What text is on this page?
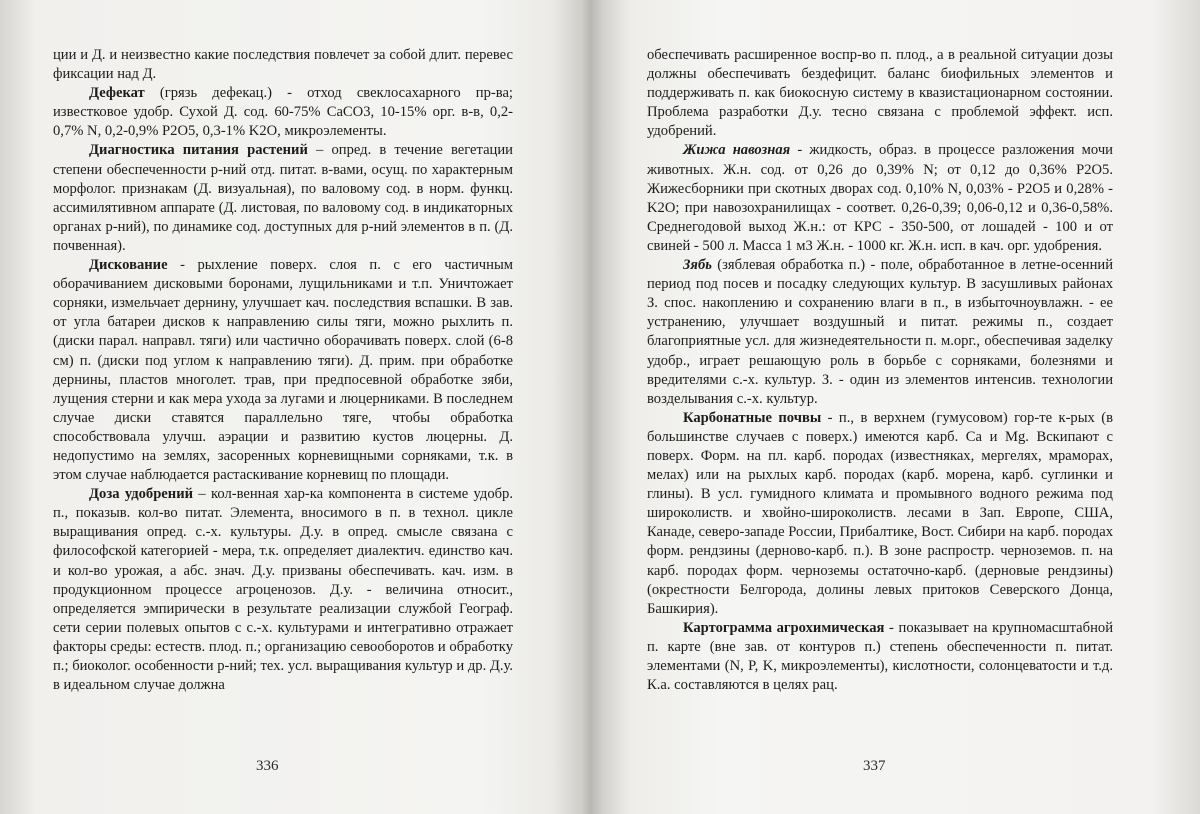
ции и Д. и неизвестно какие последствия повлечет за собой длит. перевес фиксации над Д.

Дефекат (грязь дефекац.) - отход свеклосахарного пр-ва; известковое удобр. Сухой Д. сод. 60-75% CaCO3, 10-15% орг. в-в, 0,2-0,7% N, 0,2-0,9% P2O5, 0,3-1% K2O, микроэлементы.

Диагностика питания растений – опред. в течение вегетации степени обеспеченности р-ний отд. питат. в-вами, осущ. по характерным морфолог. признакам (Д. визуальная), по валовому сод. в норм. функц. ассимилятивном аппарате (Д. листовая, по валовому сод. в индикаторных органах р-ний), по динамике сод. доступных для р-ний элементов в п. (Д. почвенная).

Дискование - рыхление поверх. слоя п. с его частичным оборачиванием дисковыми боронами, лущильниками и т.п. Уничтожает сорняки, измельчает дернину, улучшает кач. последствия вспашки. В зав. от угла батареи дисков к направлению силы тяги, можно рыхлить п. (диски парал. направл. тяги) или частично оборачивать поверх. слой (6-8 см) п. (диски под углом к направлению тяги). Д. прим. при обработке дернины, пластов многолет. трав, при предпосевной обработке зяби, лущения стерни и как мера ухода за лугами и люцерниками. В последнем случае диски ставятся параллельно тяге, чтобы обработка способствовала улучш. аэрации и развитию кустов люцерны. Д. недопустимо на землях, засоренных корневищными сорняками, т.к. в этом случае наблюдается растаскивание корневищ по площади.

Доза удобрений – кол-венная хар-ка компонента в системе удобр. п., показыв. кол-во питат. Элемента, вносимого в п. в технол. цикле выращивания опред. с.-х. культуры. Д.у. в опред. смысле связана с философской категорией - мера, т.к. определяет диалектич. единство кач. и кол-во урожая, а абс. знач. Д.у. призваны обеспечивать. кач. изм. в продукционном процессе агроценозов. Д.у. - величина относит., определяется эмпирически в результате реализации службой Географ. сети серии полевых опытов с с.-х. культурами и интегративно отражает факторы среды: естеств. плод. п.; организацию севооборотов и обработку п.; биоколог. особенности р-ний; тех. усл. выращивания культур и др. Д.у. в идеальном случае должна

336

обеспечивать расширенное воспр-во п. плод., а в реальной ситуации дозы должны обеспечивать бездефицит. баланс биофильных элементов и поддерживать п. как биокосную систему в квазистационарном состоянии. Проблема разработки Д.у. тесно связана с проблемой эффект. исп. удобрений.

Жижа навозная - жидкость, образ. в процессе разложения мочи животных. Ж.н. сод. от 0,26 до 0,39% N; от 0,12 до 0,36% P2O5. Жижесборники при скотных дворах сод. 0,10% N, 0,03% - P2O5 и 0,28% - K2O; при навозохранилищах - соответ. 0,26-0,39; 0,06-0,12 и 0,36-0,58%. Среднегодовой выход Ж.н.: от КРС - 350-500, от лошадей - 100 и от свиней - 500 л. Масса 1 м3 Ж.н. - 1000 кг. Ж.н. исп. в кач. орг. удобрения.

Зябь (зяблевая обработка п.) - поле, обработанное в летне-осенний период под посев и посадку следующих культур. В засушливых районах З. спос. накоплению и сохранению влаги в п., в избыточноувлажн. - ее устранению, улучшает воздушный и питат. режимы п., создает благоприятные усл. для жизнедеятельности п. м.орг., обеспечивая заделку удобр., играет решающую роль в борьбе с сорняками, болезнями и вредителями с.-х. культур. З. - один из элементов интенсив. технологии возделывания с.-х. культур.

Карбонатные почвы - п., в верхнем (гумусовом) гор-те к-рых (в большинстве случаев с поверх.) имеются карб. Ca и Mg. Вскипают с поверх. Форм. на пл. карб. породах (известняках, мергелях, мраморах, мелах) или на рыхлых карб. породах (карб. морена, карб. суглинки и глины). В усл. гумидного климата и промывного водного режима под широколиств. и хвойно-широколиств. лесами в Зап. Европе, США, Канаде, северо-западе России, Прибалтике, Вост. Сибири на карб. породах форм. рендзины (дерново-карб. п.). В зоне распростр. черноземов. п. на карб. породах форм. черноземы остаточно-карб. (дерновые рендзины) (окрестности Белгорода, долины левых притоков Северского Донца, Башкирия).

Картограмма агрохимическая - показывает на крупномасштабной п. карте (вне зав. от контуров п.) степень обеспеченности п. питат. элементами (N, P, K, микроэлементы), кислотности, солонцеватости и т.д. К.а. составляются в целях рац.

337
